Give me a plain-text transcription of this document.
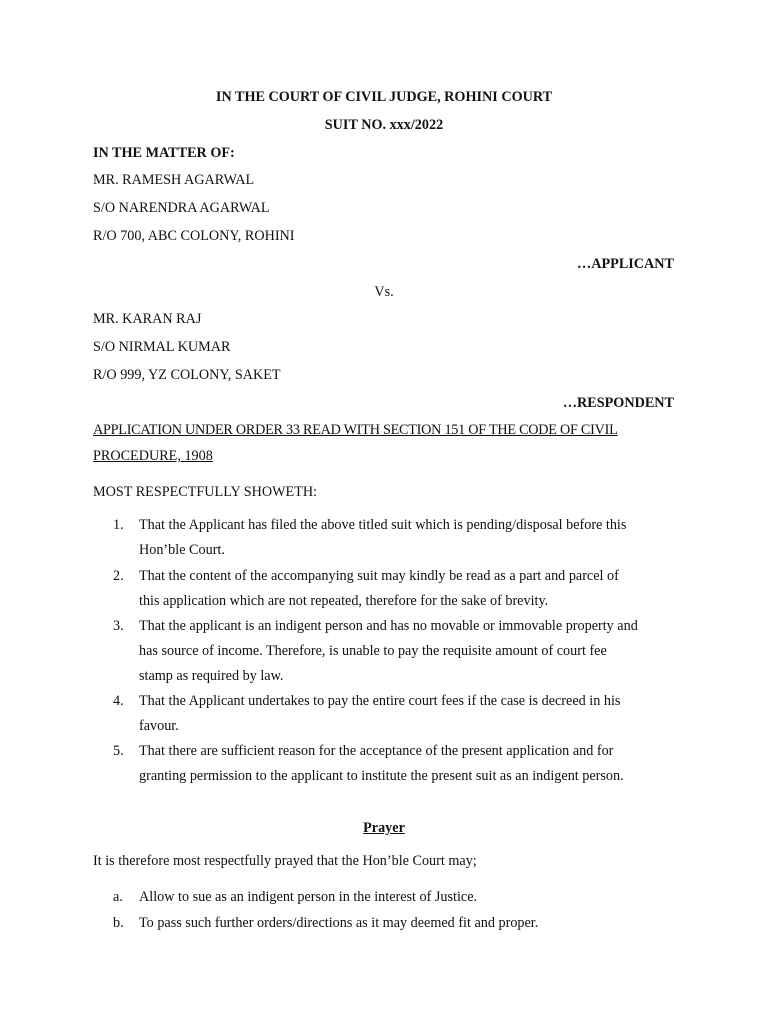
IN THE COURT OF CIVIL JUDGE, ROHINI COURT
SUIT NO. xxx/2022
IN THE MATTER OF:
MR. RAMESH AGARWAL
S/O NARENDRA AGARWAL
R/O 700, ABC COLONY, ROHINI
…APPLICANT
Vs.
MR. KARAN RAJ
S/O NIRMAL KUMAR
R/O 999, YZ COLONY, SAKET
…RESPONDENT
APPLICATION UNDER ORDER 33 READ WITH SECTION 151 OF THE CODE OF CIVIL
PROCEDURE, 1908
MOST RESPECTFULLY SHOWETH:
1. That the Applicant has filed the above titled suit which is pending/disposal before this
Hon’ble Court.
2. That the content of the accompanying suit may kindly be read as a part and parcel of
this application which are not repeated, therefore for the sake of brevity.
3. That the applicant is an indigent person and has no movable or immovable property and
has source of income. Therefore, is unable to pay the requisite amount of court fee
stamp as required by law.
4. That the Applicant undertakes to pay the entire court fees if the case is decreed in his
favour.
5. That there are sufficient reason for the acceptance of the present application and for
granting permission to the applicant to institute the present suit as an indigent person.
Prayer
It is therefore most respectfully prayed that the Hon’ble Court may;
a. Allow to sue as an indigent person in the interest of Justice.
b. To pass such further orders/directions as it may deemed fit and proper.
